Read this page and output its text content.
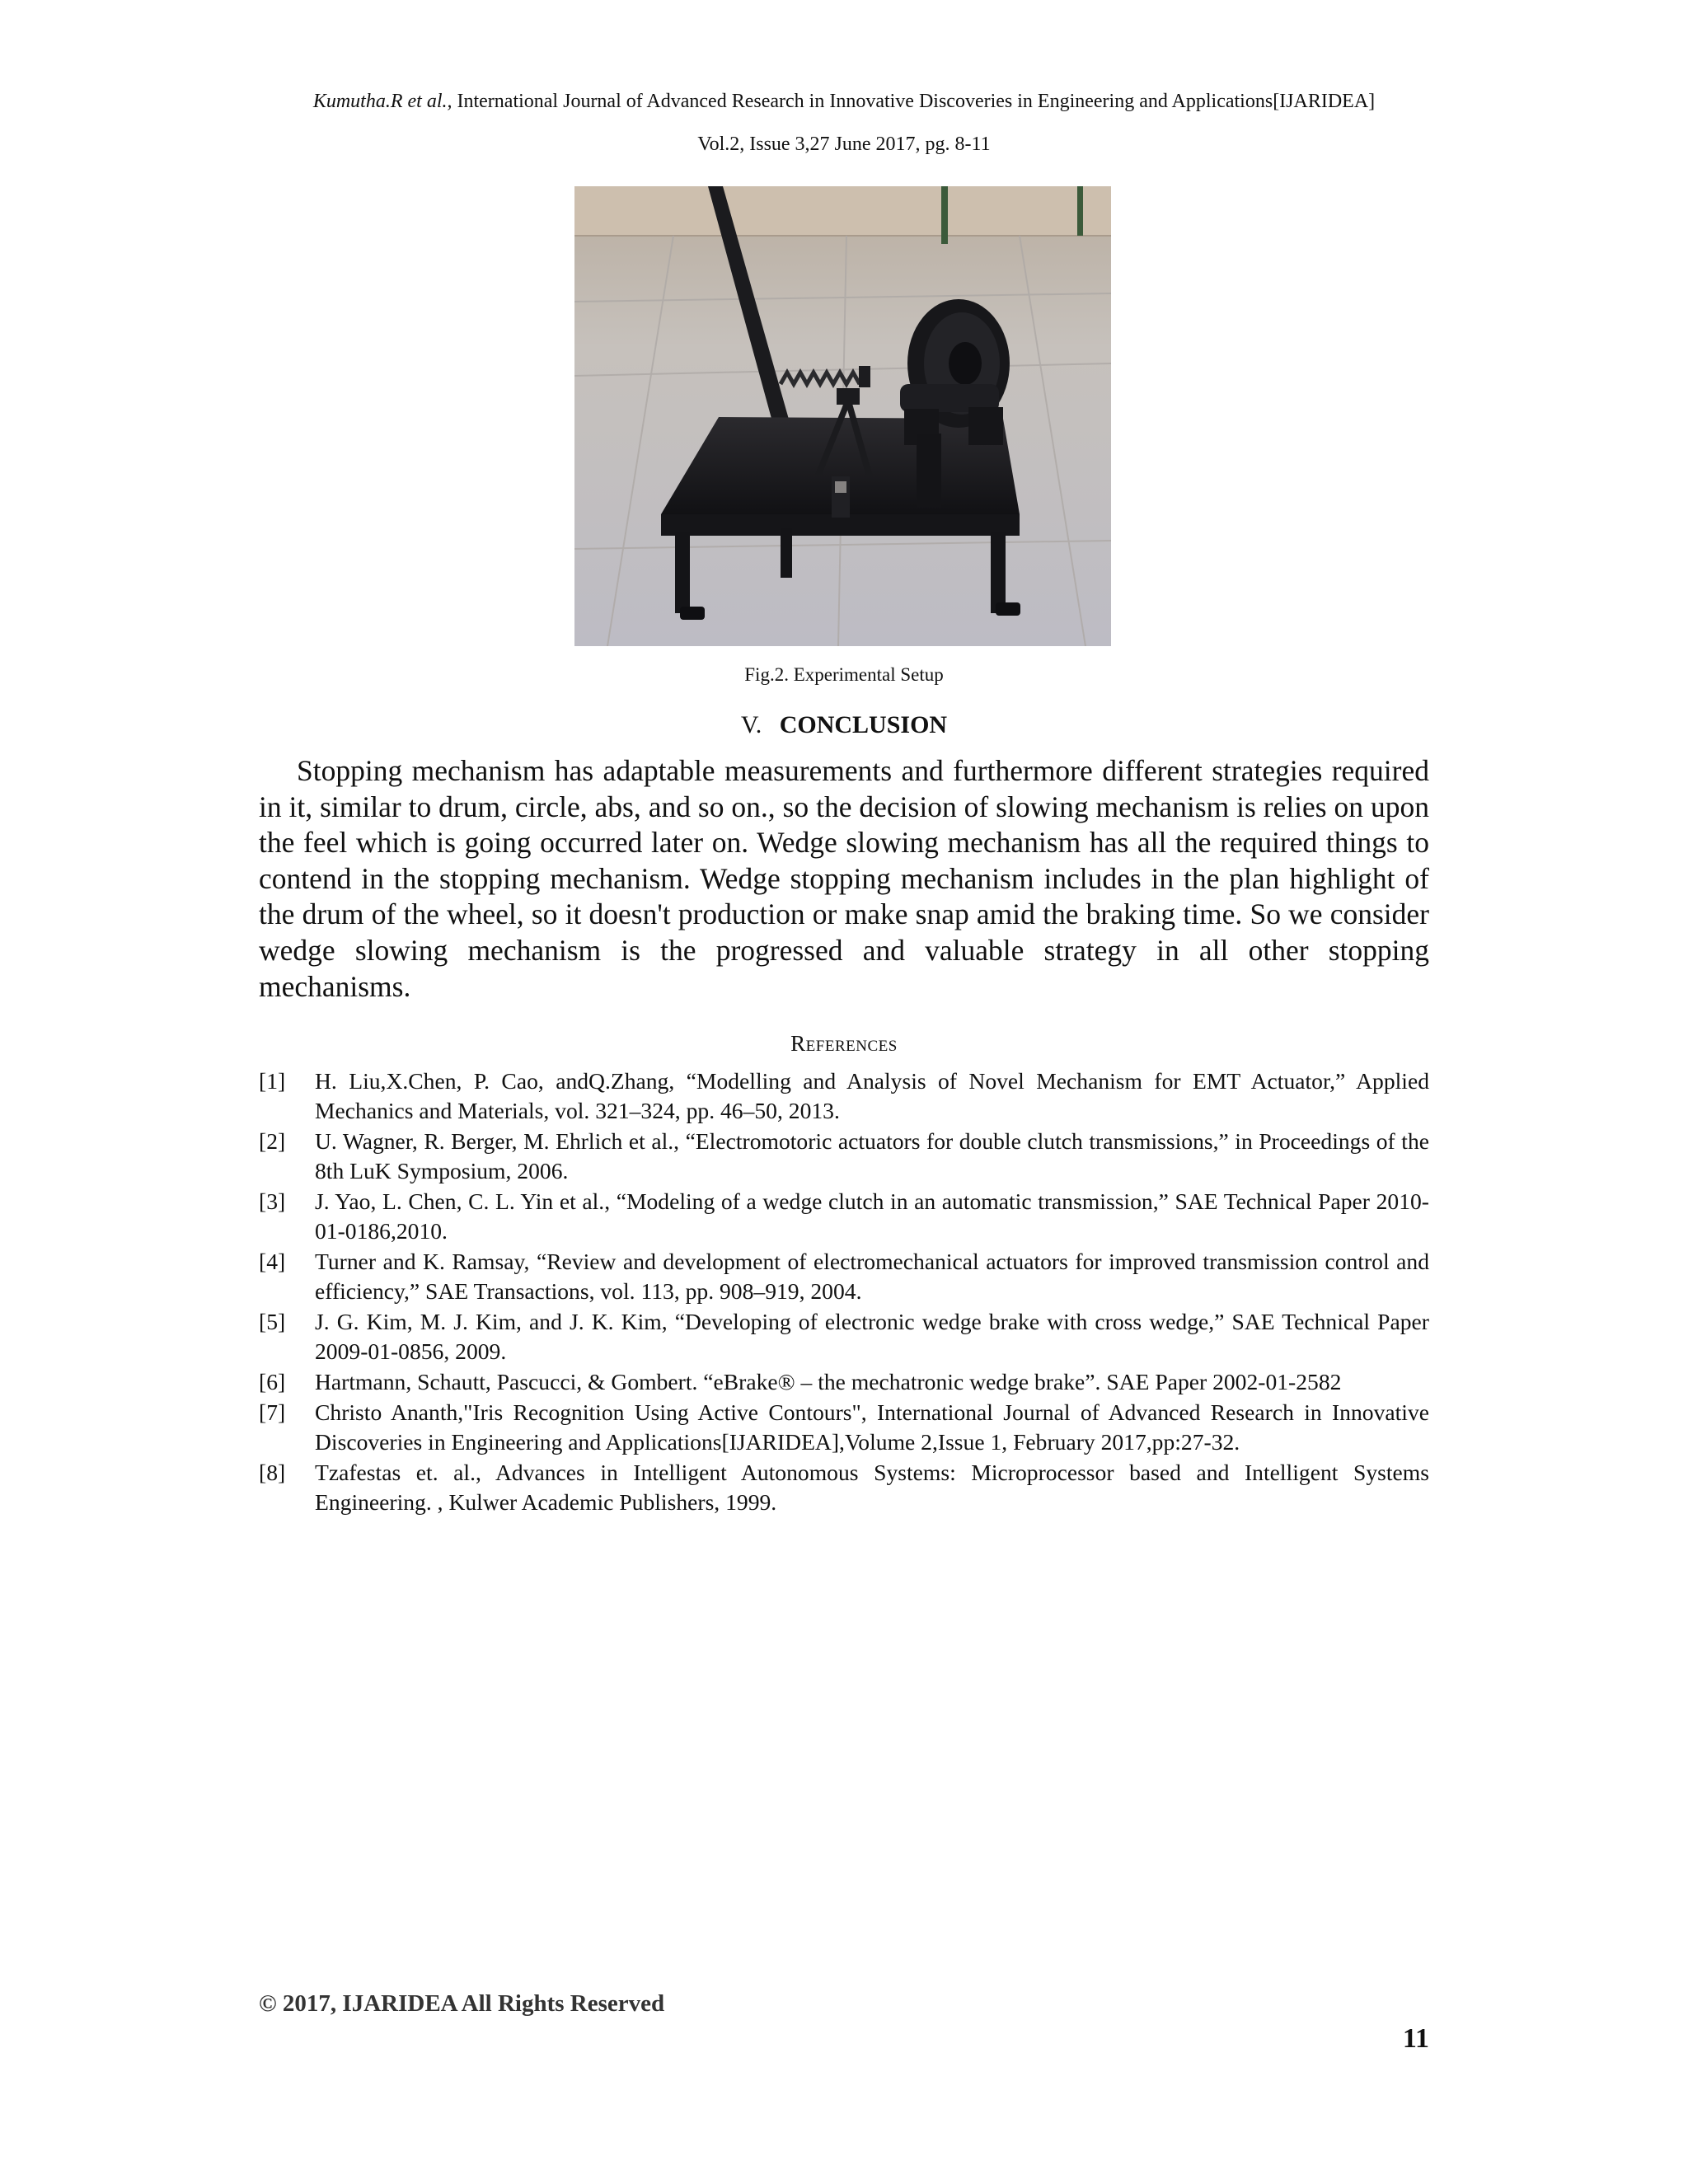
Kumutha.R et al., International Journal of Advanced Research in Innovative Discoveries in Engineering and Applications[IJARIDEA]
Vol.2, Issue 3,27 June 2017, pg. 8-11
Fig.2. Experimental Setup
V. CONCLUSION

Stopping mechanism has adaptable measurements and furthermore different strategies required in it, similar to drum, circle, abs, and so on., so the decision of slowing mechanism is relies on upon the feel which is going occurred later on. Wedge slowing mechanism has all the required things to contend in the stopping mechanism. Wedge stopping mechanism includes in the plan highlight of the drum of the wheel, so it doesn't production or make snap amid the braking time. So we consider wedge slowing mechanism is the progressed and valuable strategy in all other stopping mechanisms.

References
[1] H. Liu,X.Chen, P. Cao, andQ.Zhang, “Modelling and Analysis of Novel Mechanism for EMT Actuator,” Applied Mechanics and Materials, vol. 321–324, pp. 46–50, 2013.
[2] U. Wagner, R. Berger, M. Ehrlich et al., “Electromotoric actuators for double clutch transmissions,” in Proceedings of the 8th LuK Symposium, 2006.
[3] J. Yao, L. Chen, C. L. Yin et al., “Modeling of a wedge clutch in an automatic transmission,” SAE Technical Paper 2010-01-0186,2010.
[4] Turner and K. Ramsay, “Review and development of electromechanical actuators for improved transmission control and efficiency,” SAE Transactions, vol. 113, pp. 908–919, 2004.
[5] J. G. Kim, M. J. Kim, and J. K. Kim, “Developing of electronic wedge brake with cross wedge,” SAE Technical Paper 2009-01-0856, 2009.
[6] Hartmann, Schautt, Pascucci, & Gombert. “eBrake® – the mechatronic wedge brake”. SAE Paper 2002-01-2582
[7] Christo Ananth,"Iris Recognition Using Active Contours", International Journal of Advanced Research in Innovative Discoveries in Engineering and Applications[IJARIDEA],Volume 2,Issue 1, February 2017,pp:27-32.
[8] Tzafestas et. al., Advances in Intelligent Autonomous Systems: Microprocessor based and Intelligent Systems Engineering. , Kulwer Academic Publishers, 1999.
© 2017, IJARIDEA All Rights Reserved
11
